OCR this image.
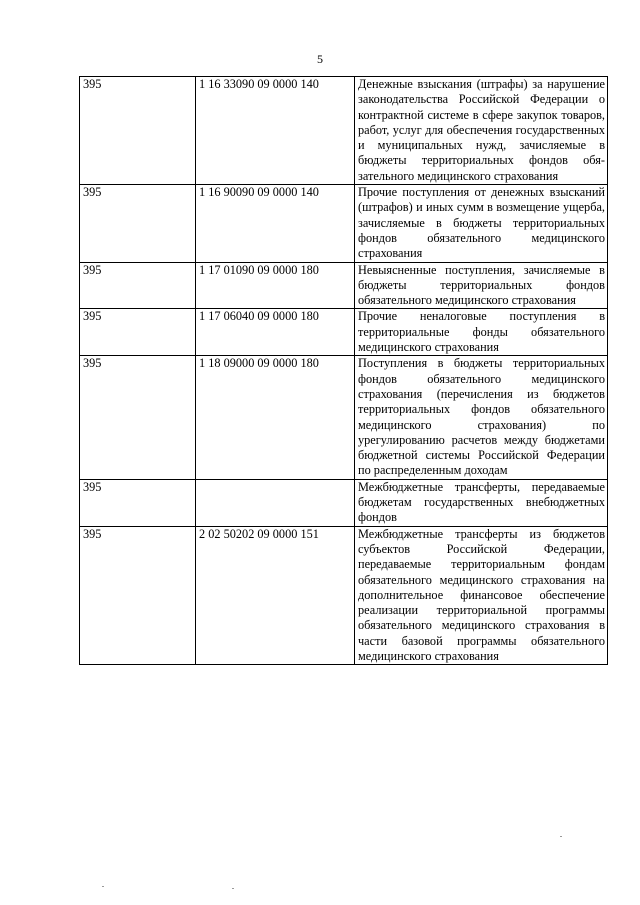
5
395	1 16 33090 09 0000 140	Денежные взыскания (штрафы) за нарушение законодательства Российской Федерации о контрактной системе в сфере закупок товаров, работ, услуг для обеспечения государственных и муниципальных нужд, зачисляемые в бюджеты территориальных фондов обязательного медицинского страхования
395	1 16 90090 09 0000 140	Прочие поступления от денежных взысканий (штрафов) и иных сумм в возмещение ущерба, зачисляемые в бюджеты территориальных фондов обязательного медицинского страхования
395	1 17 01090 09 0000 180	Невыясненные поступления, зачисляемые в бюджеты территориальных фондов обязательного медицинского страхования
395	1 17 06040 09 0000 180	Прочие неналоговые поступления в территориальные фонды обязательного медицинского страхования
395	1 18 09000 09 0000 180	Поступления в бюджеты территориальных фондов обязательного медицинского страхования (перечисления из бюджетов территориальных фондов обязательного медицинского страхования) по урегулированию расчетов между бюджетами бюджетной системы Российской Федерации по распределенным доходам
395		Межбюджетные трансферты, передаваемые бюджетам государственных внебюджетных фондов
395	2 02 50202 09 0000 151	Межбюджетные трансферты из бюджетов субъектов Российской Федерации, передаваемые территориальным фондам обязательного медицинского страхования на дополнительное финансовое обеспечение реализации территориальной программы обязательного медицинского страхования в части базовой программы обязательного медицинского страхования
